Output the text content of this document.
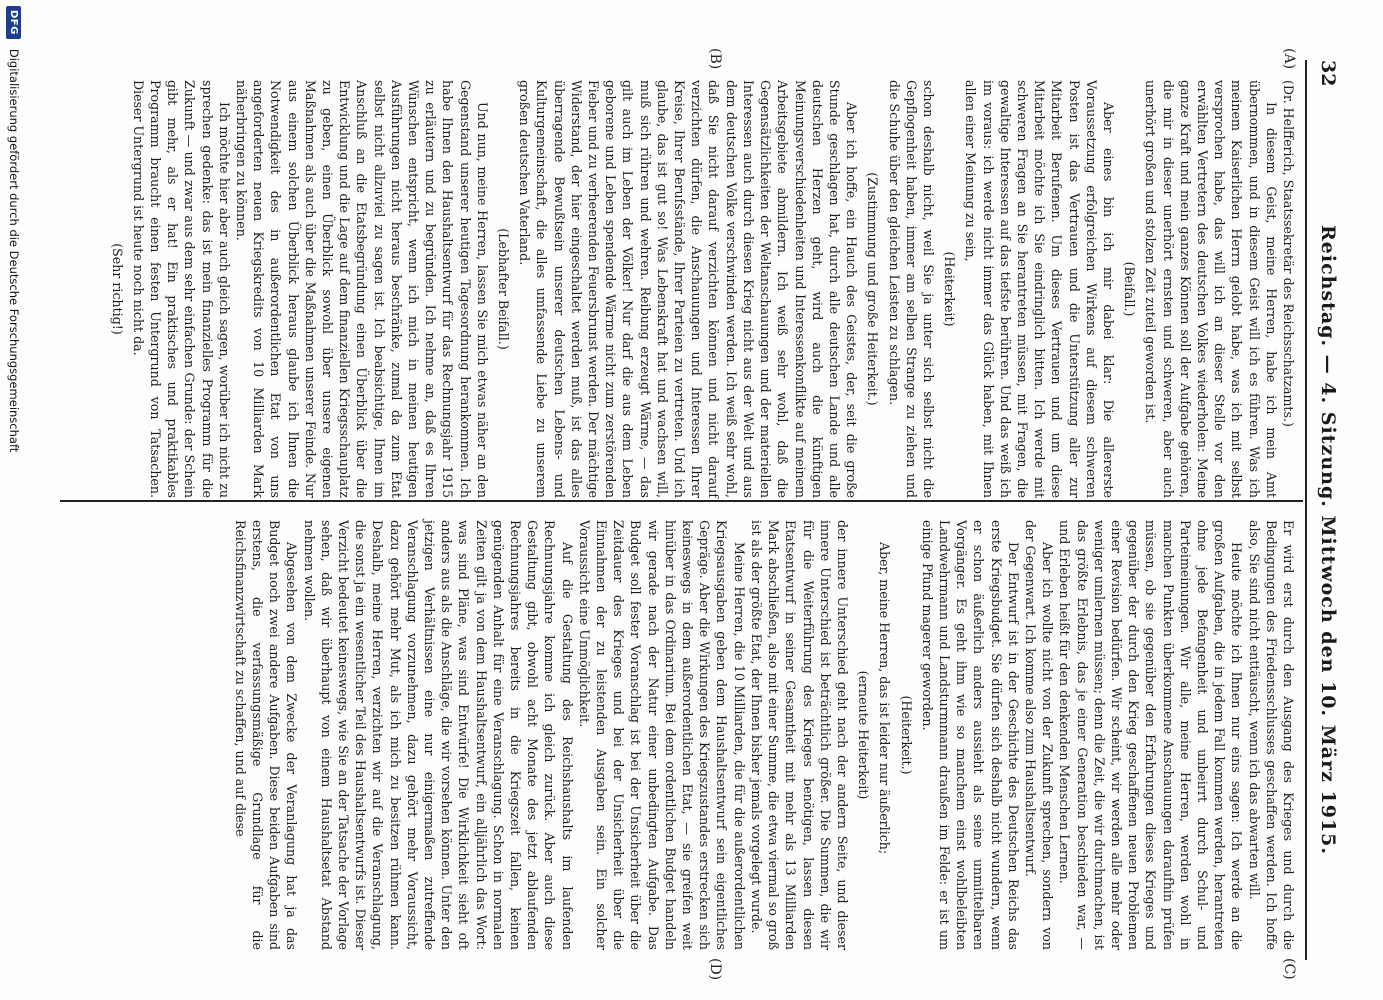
32
Reichstag. — 4. Sitzung. Mittwoch den 10. März 1915.
(A)
(B)
(C)
(D)

(Dr. Helfferich, Staatssekretär des Reichsschatzamts.)

In diesem Geist, meine Herren, habe ich mein Amt übernommen, und in diesem Geist will ich es führen. Was ich meinem Kaiserlichen Herrn gelobt habe, was ich mit selbst versprochen habe, das will ich an dieser Stelle vor den erwählten Vertretern des deutschen Volkes wiederholen: Meine ganze Kraft und mein ganzes Können soll der Aufgabe gehören, die mir in dieser unerhört ernsten und schweren, aber auch unerhört großen und stolzen Zeit zuteil geworden ist.

(Beifall.)

Aber eines bin ich mir dabei klar: Die allererste Voraussetzung erfolgreichen Wirkens auf diesem schweren Posten ist das Vertrauen und die Unterstützung aller zur Mitarbeit Berufenen. Um dieses Vertrauen und um diese Mitarbeit möchte ich Sie eindringlich bitten. Ich werde mit schweren Fragen an Sie herantreten müssen, mit Fragen, die gewaltige Interessen auf das tiefste berühren. Und das weiß ich im voraus: ich werde nicht immer das Glück haben, mit Ihnen allen einer Meinung zu sein,

(Heiterkeit)

schon deshalb nicht, weil Sie ja unter sich selbst nicht die Gepflogenheit haben, immer am selben Strange zu ziehen und die Schuhe über den gleichen Leisten zu schlagen.

(Zustimmung und große Heiterkeit.)

Aber ich hoffe, ein Hauch des Geistes, der, seit die große Stunde geschlagen hat, durch alle deutschen Lande und alle deutschen Herzen geht, wird auch die künftigen Meinungsverschiedenheiten und Interessenkonflikte auf meinem Arbeitsgebiete abmildern. Ich weiß sehr wohl, daß die Gegensätzlichkeiten der Weltanschauungen und der materiellen Interessen auch durch diesen Krieg nicht aus der Welt und aus dem deutschen Volke verschwinden werden. Ich weiß sehr wohl, daß Sie nicht darauf verzichten können und nicht darauf verzichten dürfen, die Anschauungen und Interessen Ihrer Kreise, Ihrer Berufsstände, Ihrer Parteien zu vertreten. Und ich glaube, das ist gut so! Was Lebenskraft hat und wachsen will, muß sich rühren und wehren. Reibung erzeugt Wärme, — das gilt auch im Leben der Völker! Nur darf die aus dem Leben geborene und Leben spendende Wärme nicht zum zerstörenden Fieber und zu verheerenden Feuersbrunst werden. Der mächtige Widerstand, der hier eingeschaltet werden muß, ist das alles überragende Bewußtsein unserer deutschen Lebens- und Kulturgemeinschaft, die alles umfassende Liebe zu unserem großen deutschen Vaterland.

(Lebhafter Beifall.)

Und nun, meine Herren, lassen Sie mich etwas näher an den Gegenstand unserer heutigen Tagesordnung herankommen. Ich habe Ihnen den Haushaltsentwurf für das Rechnungsjahr 1915 zu erläutern und zu begründen. Ich nehme an, daß es Ihren Wünschen entspricht, wenn ich mich in meinen heutigen Ausführungen nicht heraus beschränke, zumal da zum Etat selbst nicht allzuviel zu sagen ist. Ich beabsichtige, Ihnen im Anschluß an die Etatsbegründung einen Überblick über die Entwicklung und die Lage auf dem finanziellen Kriegsschauplatz zu geben, einen Überblick sowohl über unsere eigenen Maßnahmen als auch über die Maßnahmen unserer Feinde. Nur aus einem solchen Überblick heraus glaube ich Ihnen die Notwendigkeit des in außerordentlichen Etat von uns angeforderten neuen Kriegskredits von 10 Milliarden Mark näherbringen zu können.

Ich möchte hier aber auch gleich sagen, worüber ich nicht zu sprechen gedenke: das ist mein finanzielles Programm für die Zukunft — und zwar aus dem sehr einfachen Grunde: der Schein gibt mehr, als er hat! Ein praktisches und praktikables Programm braucht einen festen Untergrund von Tatsachen. Dieser Untergrund ist heute noch nicht da.

(Sehr richtig!)

Er wird erst durch den Ausgang des Krieges und durch die Bedingungen des Friedensschlusses geschaffen werden. Ich hoffe also, Sie sind nicht enttäuscht, wenn ich das abwarten will.

Heute möchte ich Ihnen nur eins sagen: Ich werde an die großen Aufgaben, die in jedem Fall kommen werden, herantreten ohne jede Befangenheit und unbeirrt durch Schul- und Parteimeinungen. Wir alle, meine Herren, werden wohl in manchen Punkten überkommene Anschauungen daraufhin prüfen müssen, ob sie gegenüber den Erfahrungen dieses Krieges und gegenüber der durch den Krieg geschaffenen neuen Problemen einer Revision bedürfen. Wir scheint, wir werden alle mehr oder weniger umlernen müssen; denn die Zeit, die wir durchmachen, ist das größte Erlebnis, das je einer Generation beschieden war, — und Erleben heißt für den denkenden Menschen Lernen.

Aber ich wollte nicht von der Zukunft sprechen, sondern von der Gegenwart. Ich komme also zum Haushaltsentwurf.

Der Entwurf ist in der Geschichte des Deutschen Reichs das erste Kriegsbudget. Sie dürfen sich deshalb nicht wundern, wenn er schon äußerlich anders aussieht als seine unmittelbaren Vorgänger. Es geht ihm wie so manchem einst wohlbeleibten Landwehrmann und Landsturmmann draußen im Felde: er ist um einige Pfund magerer geworden.

(Heiterkeit.)

Aber, meine Herren, das ist leider nur äußerlich;

(erneute Heiterkeit)

der innere Unterschied geht nach der andern Seite, und dieser innere Unterschied ist beträchtlich größer. Die Summen, die wir für die Weiterführung des Krieges benötigen, lassen diesen Etatsentwurf in seiner Gesamtheit mit mehr als 13 Milliarden Mark abschließen, also mit einer Summe, die etwa viermal so groß ist als der größte Etat, der Ihnen bisher jemals vorgelegt wurde.

Meine Herren, die 10 Milliarden, die für die außerordentlichen Kriegsausgaben geben dem Haushaltsentwurf sein eigentliches Gepräge. Aber die Wirkungen des Kriegszustandes erstrecken sich keineswegs in dem außerordentlichen Etat, — sie greifen weit hinüber in das Ordinarium. Bei dem ordentlichen Budget handeln wir gerade nach der Natur einer unbedingten Aufgabe. Das Budget soll fester Voranschlag ist bei der Unsicherheit über die Zeitdauer des Krieges und bei der Unsicherheit über die Einnahmen der zu leistenden Ausgaben sein. Ein solcher Voraussicht eine Unmöglichkeit.

Auf die Gestaltung des Reichshaushalts im laufenden Rechnungsjahre komme ich gleich zurück. Aber auch diese Gestaltung gibt, obwohl acht Monate des jetzt ablaufenden Rechnungsjahres bereits in die Kriegszeit fallen, keinen genügenden Anhalt für eine Veranschlagung. Schon in normalen Zeiten gilt ja von dem Haushaltsentwurf, ein alljährlich das Wort: was sind Pläne, was sind Entwürfe! Die Wirklichkeit sieht oft anders aus als die Anschläge, die wir vorsehen können. Unter den jetzigen Verhältnissen eine nur einigermaßen zutreffende Veranschlagung vorzunehmen, dazu gehört mehr Voraussicht, dazu gehört mehr Mut, als ich mich zu besitzen rühmen kann. Deshalb, meine Herren, verzichten wir auf die Veranschlagung, die sonst ja ein wesentlicher Teil des Haushaltsentwurfs ist. Dieser Verzicht bedeutet keineswegs, wie Sie an der Tatsache der Vorlage sehen, daß wir überhaupt von einem Haushaltsetat Abstand nehmen wollen.

Abgesehen von dem Zwecke der Veranlagung hat ja das Budget noch zwei andere Aufgaben. Diese beiden Aufgaben sind erstens, die verfassungsmäßige Grundlage für die Reichsfinanzwirtschaft zu schaffen, und auf diese

DFG
Digitalisierung gefördert durch die Deutsche Forschungsgemeinschaft
